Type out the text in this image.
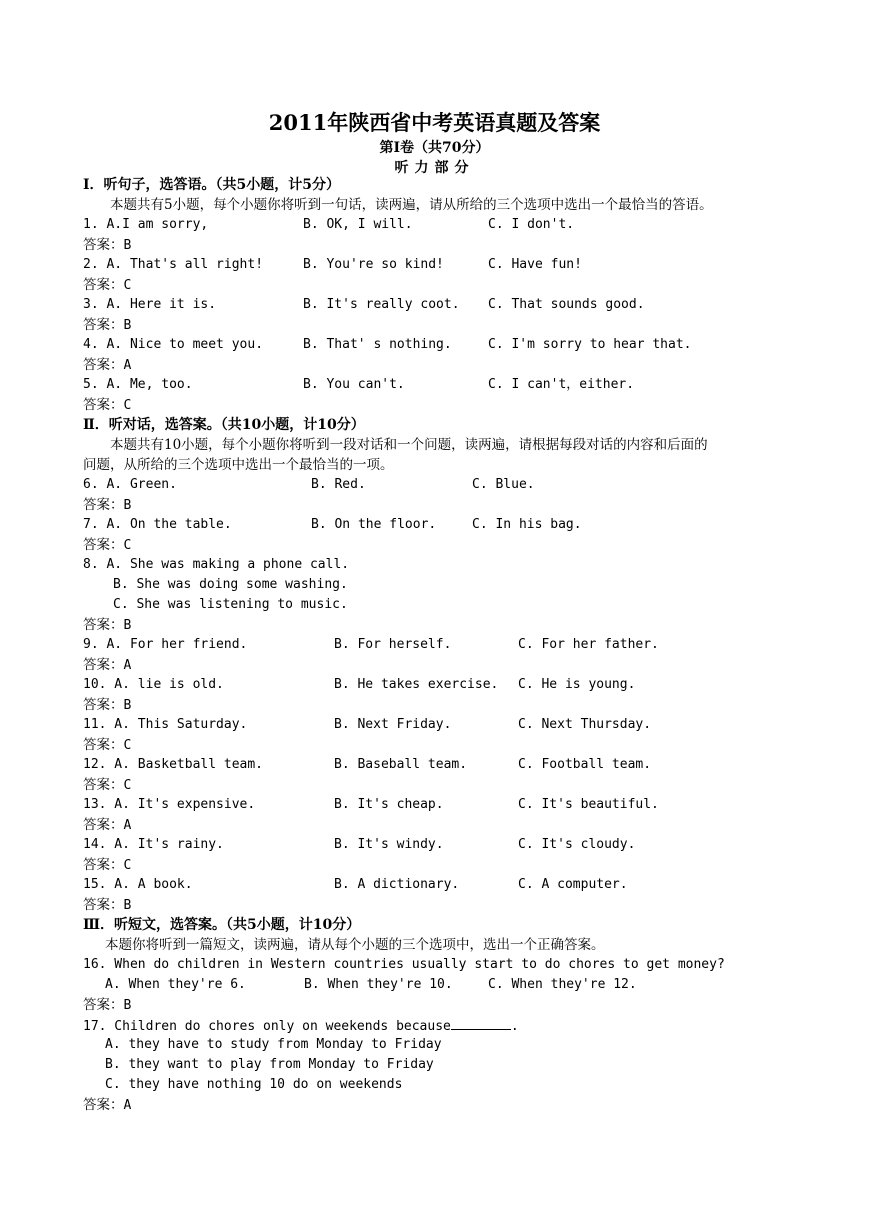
2011年陕西省中考英语真题及答案
第Ⅰ卷（共70分）
听力部分
Ⅰ．听句子，选答语。（共5小题，计5分）
本题共有5小题，每个小题你将听到一句话，读两遍，请从所给的三个选项中选出一个最恰当的答语。
1. A.I am sorry,	B. OK, I will.	C. I don't.
答案：B
2. A. That's all right!	B. You're so kind!	C. Have fun!
答案：C
3. A. Here it is.	B. It's really coot. C. That sounds good.
答案：B
4. A. Nice to meet you.	B. That' s nothing.	C. I'm sorry to hear that.
答案：A
5. A. Me, too.	B. You can't.	C. I can't，either.
答案：C
Ⅱ．听对话，选答案。（共10小题，计10分）
本题共有10小题，每个小题你将听到一段对话和一个问题，读两遍，请根据每段对话的内容和后面的
问题，从所给的三个选项中选出一个最恰当的一项。
6. A. Green.	B. Red.	C. Blue.
答案：B
7. A. On the table.	B. On the floor.	C. In his bag.
答案：C
8. A. She was making a phone call.
B. She was doing some washing.
C. She was listening to music.
答案：B
9. A. For her friend.	B. For herself.	C. For her father.
答案：A
10. A. lie is old.	B. He takes exercise. C. He is young.
答案：B
11. A. This Saturday.	B. Next Friday.	C. Next Thursday.
答案：C
12. A. Basketball team.	B. Baseball team.	C. Football team.
答案：C
13. A. It's expensive.	B. It's cheap.	C. It's beautiful.
答案：A
14. A. It's rainy.	B. It's windy.	C. It's cloudy.
答案：C
15. A. A book.	B. A dictionary.	C. A computer.
答案：B
Ⅲ．听短文，选答案。（共5小题，计10分）
本题你将听到一篇短文，读两遍，请从每个小题的三个选项中，选出一个正确答案。
16. When do children in Western countries usually start to do chores to get money?
A. When they're 6.	B. When they're 10.	C. When they're 12.
答案：B
17. Children do chores only on weekends because	.
A. they have to study from Monday to Friday
B. they want to play from Monday to Friday
C. they have nothing 10 do on weekends
答案：A
